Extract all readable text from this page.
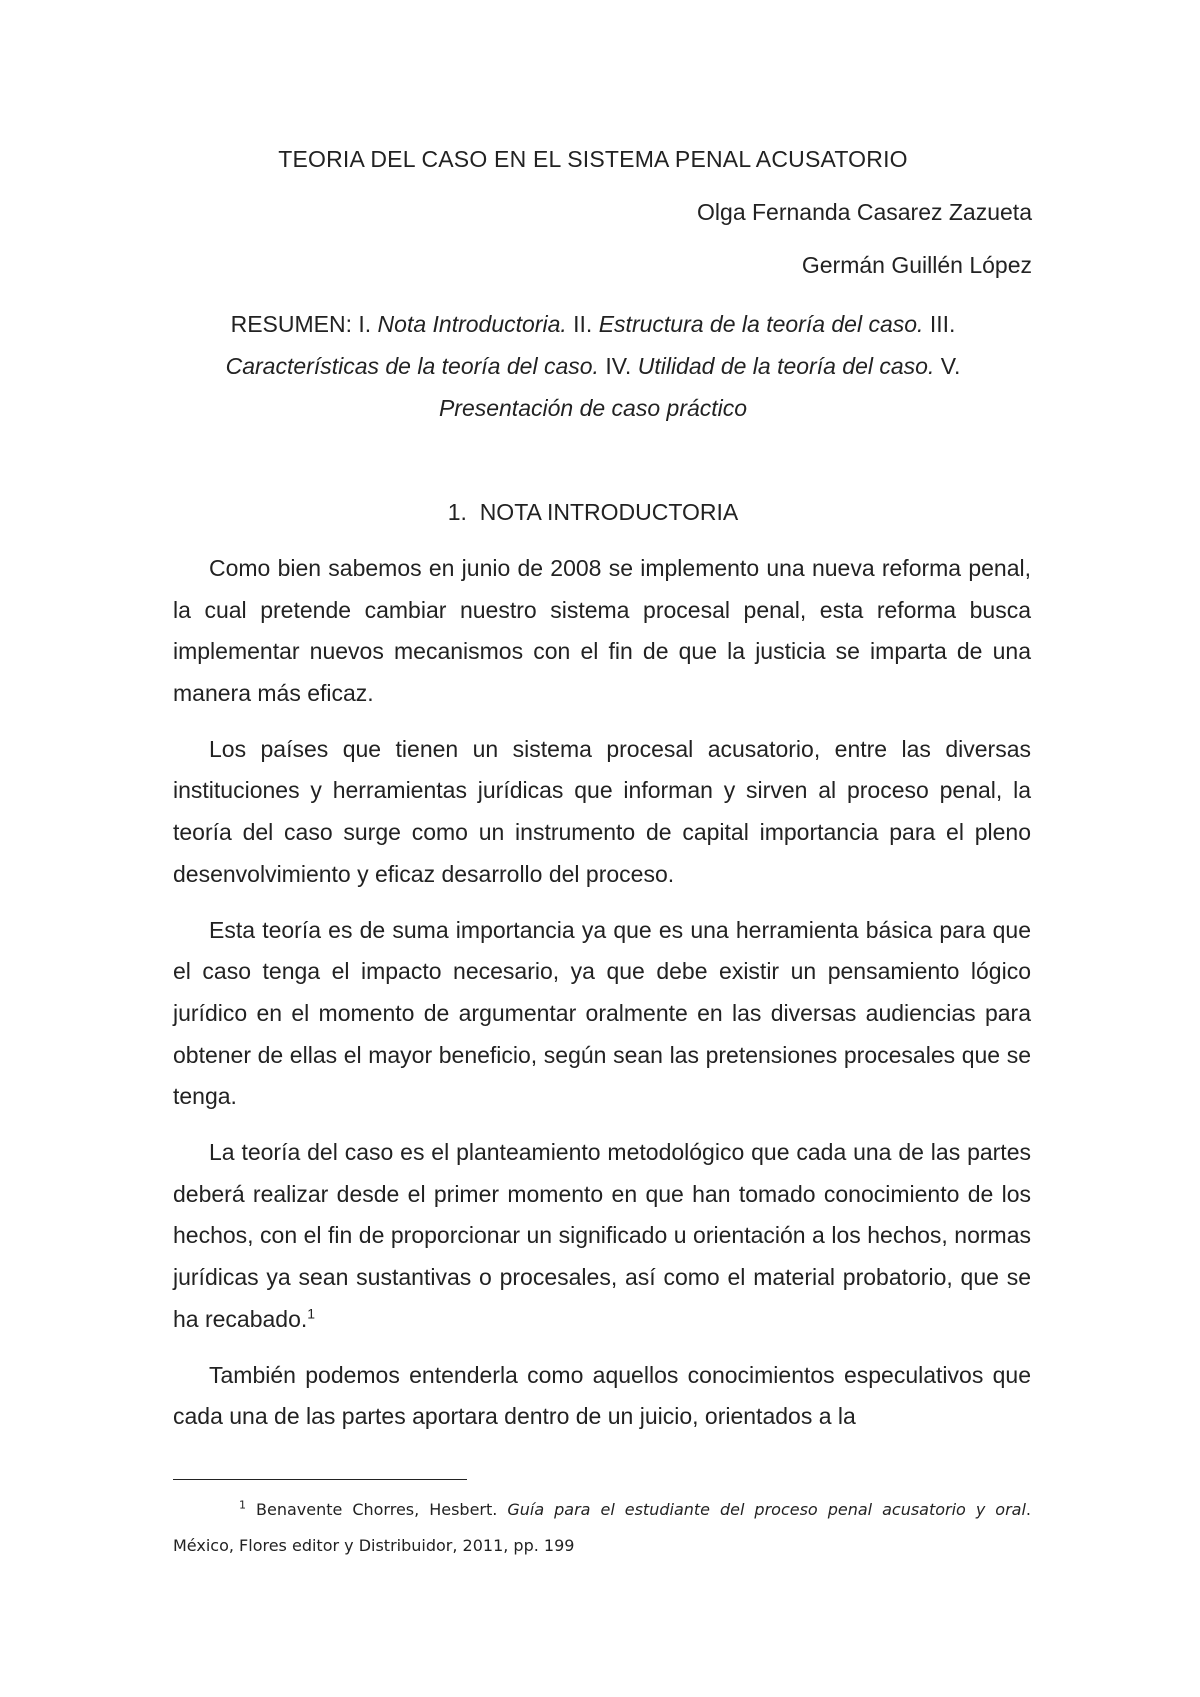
TEORIA DEL CASO EN EL SISTEMA PENAL ACUSATORIO
Olga Fernanda Casarez Zazueta
Germán Guillén López
RESUMEN: I. Nota Introductoria. II. Estructura de la teoría del caso. III.
Características de la teoría del caso. IV. Utilidad de la teoría del caso. V.
Presentación de caso práctico
1.  NOTA INTRODUCTORIA

Como bien sabemos en junio de 2008 se implemento una nueva reforma penal, la cual pretende cambiar nuestro sistema procesal penal, esta reforma busca implementar nuevos mecanismos con el fin de que la justicia se imparta de una manera más eficaz.

Los países que tienen un sistema procesal acusatorio, entre las diversas instituciones y herramientas jurídicas que informan y sirven al proceso penal, la teoría del caso surge como un instrumento de capital importancia para el pleno desenvolvimiento y eficaz desarrollo del proceso.

Esta teoría es de suma importancia ya que es una herramienta básica para que el caso tenga el impacto necesario, ya que debe existir un pensamiento lógico jurídico en el momento de argumentar oralmente en las diversas audiencias para obtener de ellas el mayor beneficio, según sean las pretensiones procesales que se tenga.

La teoría del caso es el planteamiento metodológico que cada una de las partes deberá realizar desde el primer momento en que han tomado conocimiento de los hechos, con el fin de proporcionar un significado u orientación a los hechos, normas jurídicas ya sean sustantivas o procesales, así como el material probatorio, que se ha recabado.$^1$

También podemos entenderla como aquellos conocimientos especulativos que cada una de las partes aportara dentro de un juicio, orientados a la

$^1$ Benavente Chorres, Hesbert. Guía para el estudiante del proceso penal acusatorio y oral. México, Flores editor y Distribuidor, 2011, pp. 199
